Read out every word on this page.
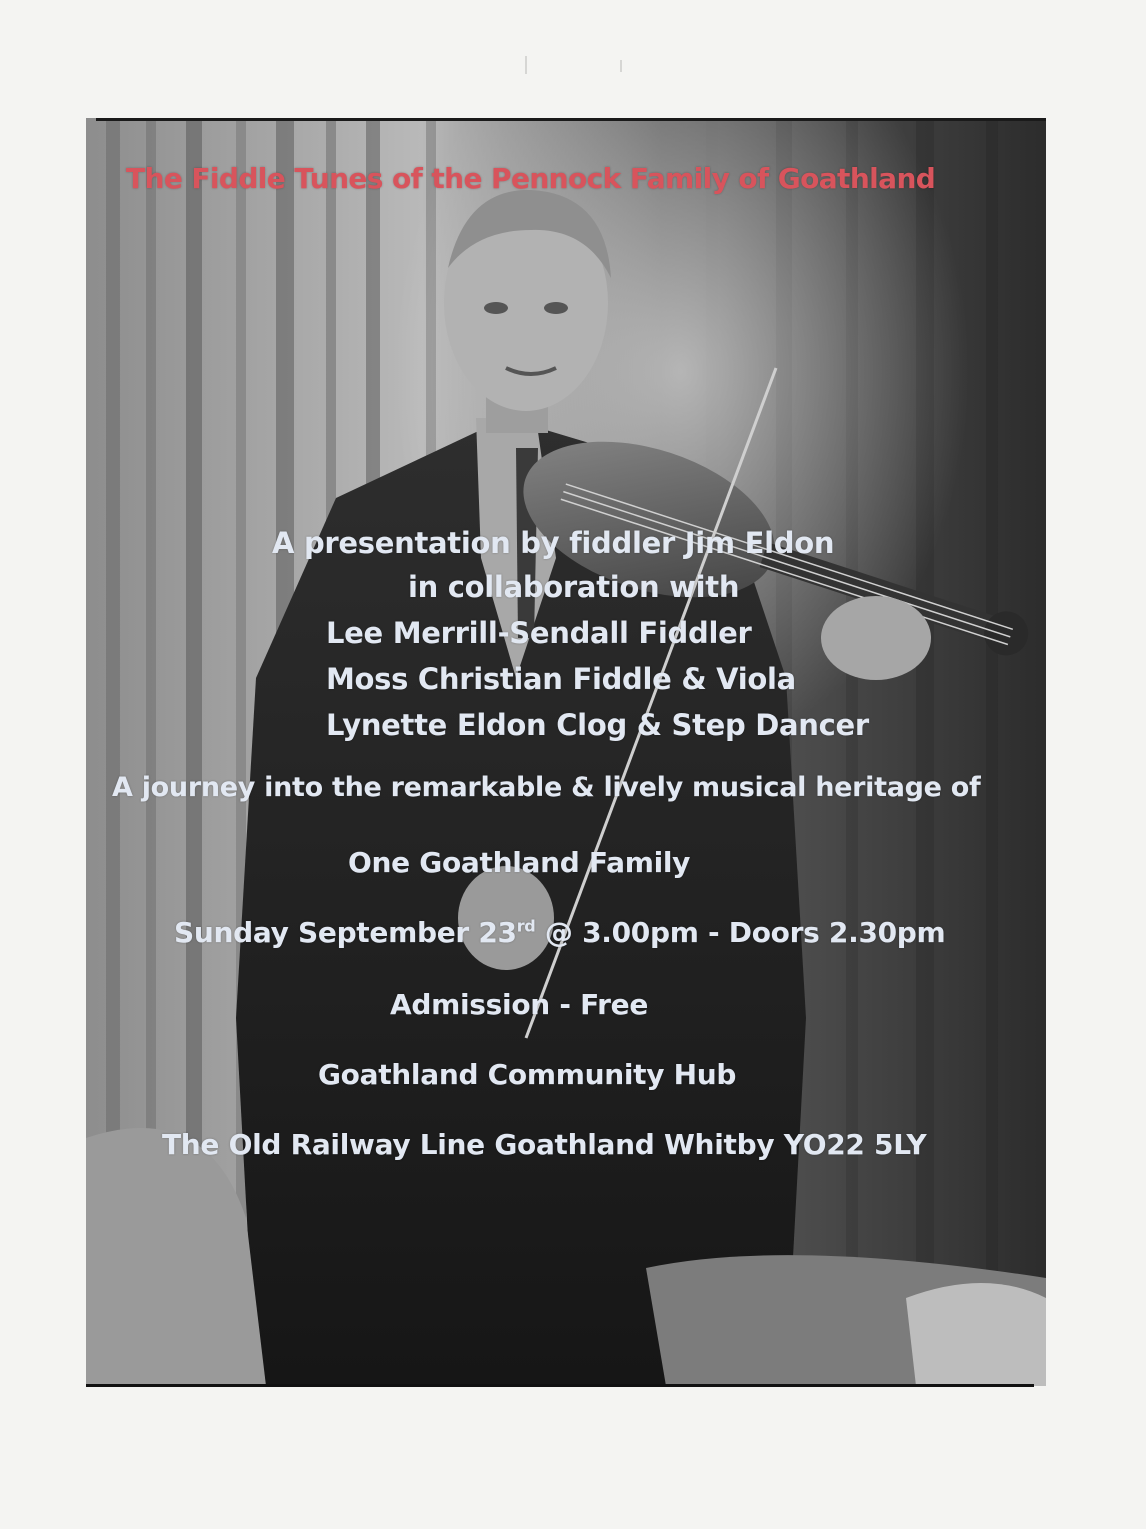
The Fiddle Tunes of the Pennock Family of Goathland
A presentation by fiddler Jim Eldon
in collaboration with
Lee Merrill-Sendall Fiddler
Moss Christian Fiddle & Viola
Lynette Eldon Clog & Step Dancer
A journey into the remarkable & lively musical heritage of
One Goathland Family
Sunday September 23rd @ 3.00pm - Doors 2.30pm
Admission - Free
Goathland Community Hub
The Old Railway Line Goathland Whitby YO22 5LY
